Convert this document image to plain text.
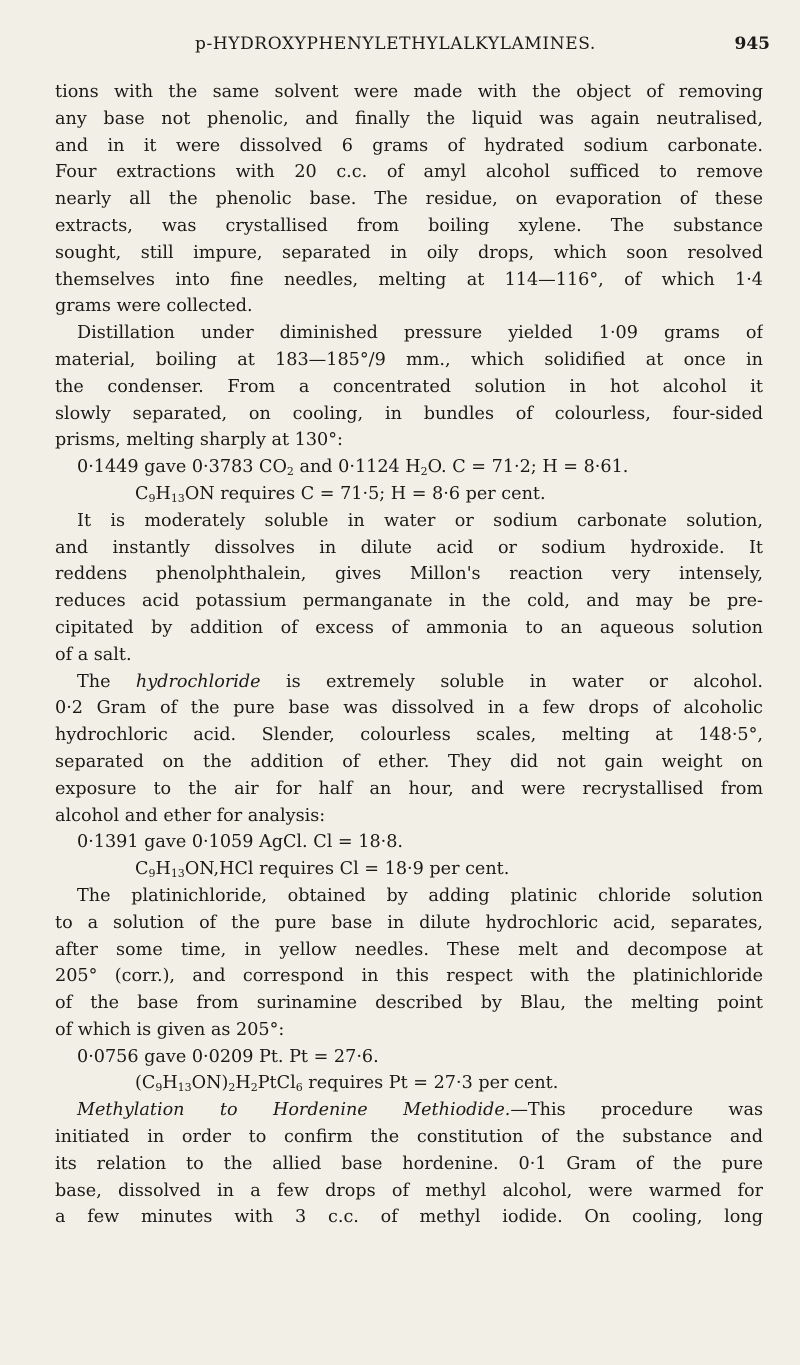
p-HYDROXYPHENYLETHYLALKYLAMINES.	945
tions with the same solvent were made with the object of removing
any base not phenolic, and finally the liquid was again neutralised,
and in it were dissolved 6 grams of hydrated sodium carbonate.
Four extractions with 20 c.c. of amyl alcohol sufficed to remove
nearly all the phenolic base. The residue, on evaporation of these
extracts, was crystallised from boiling xylene. The substance
sought, still impure, separated in oily drops, which soon resolved
themselves into fine needles, melting at 114—116°, of which 1·4
grams were collected.
Distillation under diminished pressure yielded 1·09 grams of
material, boiling at 183—185°/9 mm., which solidified at once in
the condenser. From a concentrated solution in hot alcohol it
slowly separated, on cooling, in bundles of colourless, four-sided
prisms, melting sharply at 130°:
0·1449 gave 0·3783 $CO_2$ and 0·1124 $H_2O$. C = 71·2; H = 8·61.
$C_9H_{13}ON$ requires C = 71·5; H = 8·6 per cent.
It is moderately soluble in water or sodium carbonate solution,
and instantly dissolves in dilute acid or sodium hydroxide. It
reddens phenolphthalein, gives Millon's reaction very intensely,
reduces acid potassium permanganate in the cold, and may be pre-
cipitated by addition of excess of ammonia to an aqueous solution
of a salt.
The hydrochloride is extremely soluble in water or alcohol.
0·2 Gram of the pure base was dissolved in a few drops of alcoholic
hydrochloric acid. Slender, colourless scales, melting at 148·5°,
separated on the addition of ether. They did not gain weight on
exposure to the air for half an hour, and were recrystallised from
alcohol and ether for analysis:
0·1391 gave 0·1059 AgCl. Cl = 18·8.
$C_9H_{13}ON,HCl$ requires Cl = 18·9 per cent.
The platinichloride, obtained by adding platinic chloride solution
to a solution of the pure base in dilute hydrochloric acid, separates,
after some time, in yellow needles. These melt and decompose at
205° (corr.), and correspond in this respect with the platinichloride
of the base from surinamine described by Blau, the melting point
of which is given as 205°:
0·0756 gave 0·0209 Pt. Pt = 27·6.
$(C_9H_{13}ON)_2H_2PtCl_6$ requires Pt = 27·3 per cent.
Methylation to Hordenine Methiodide.—This procedure was
initiated in order to confirm the constitution of the substance and
its relation to the allied base hordenine. 0·1 Gram of the pure
base, dissolved in a few drops of methyl alcohol, were warmed for
a few minutes with 3 c.c. of methyl iodide. On cooling, long
